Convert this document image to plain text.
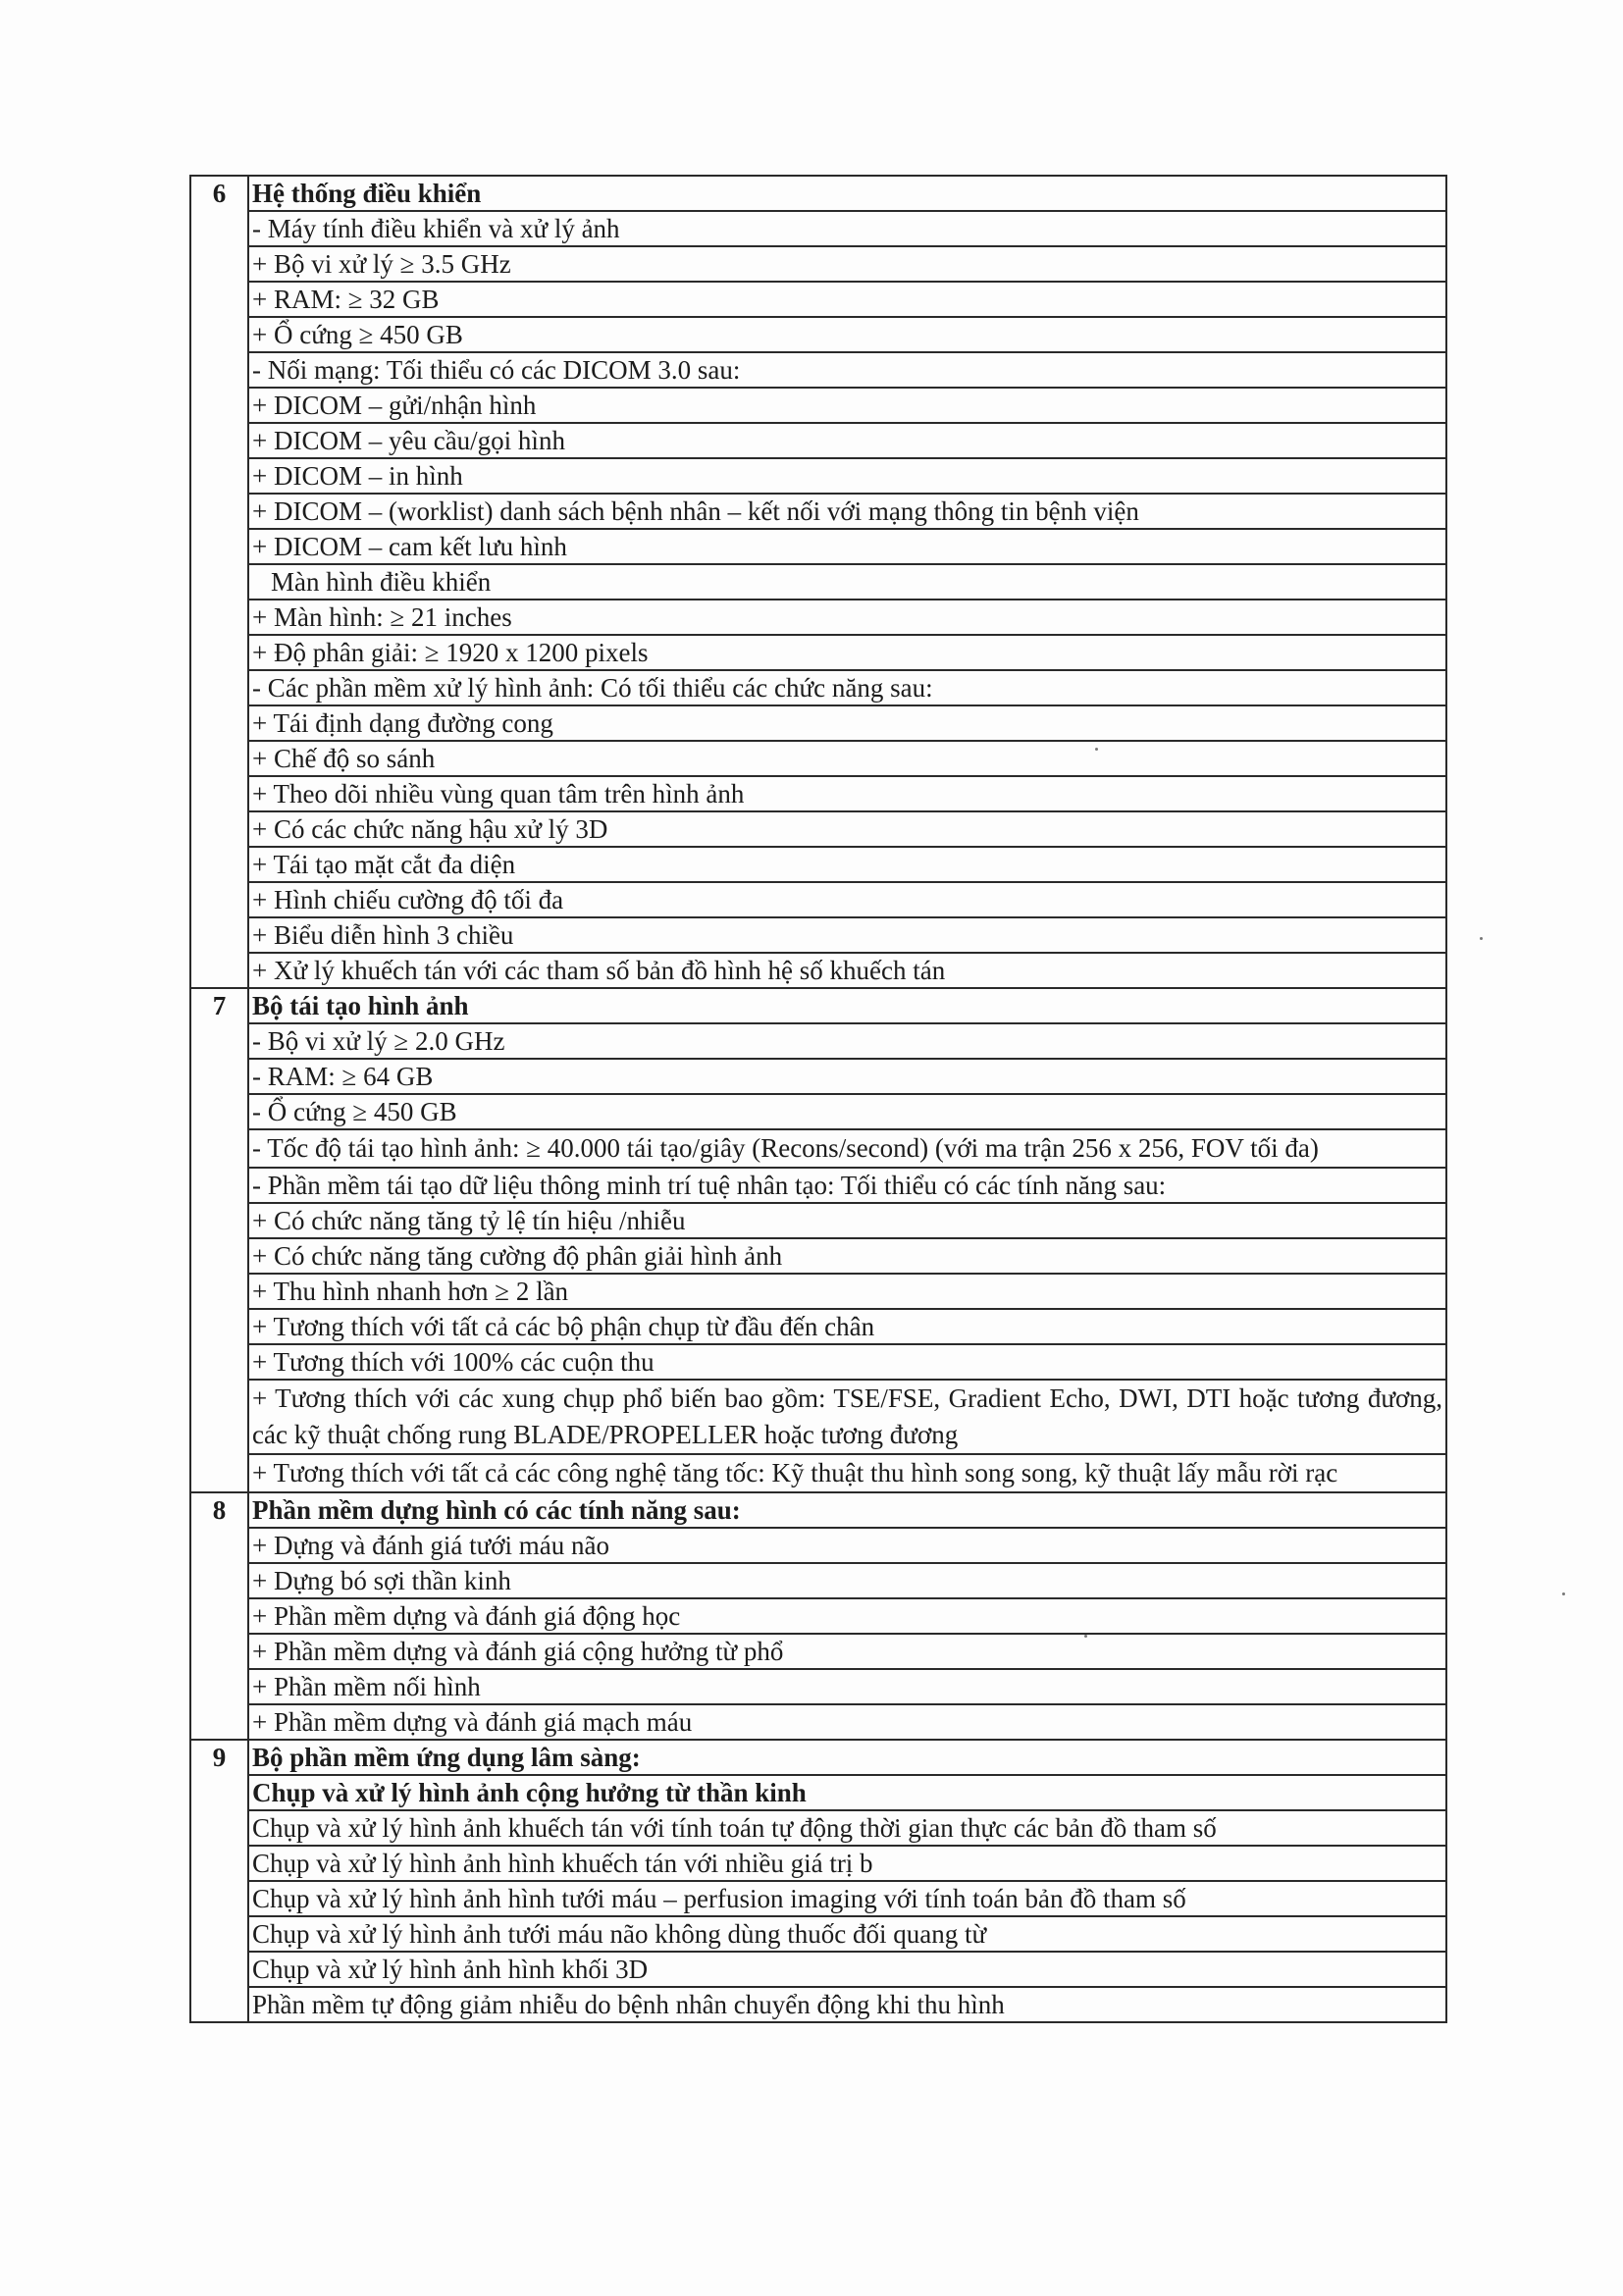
6	Hệ thống điều khiển
	- Máy tính điều khiển và xử lý ảnh
	+ Bộ vi xử lý ≥ 3.5 GHz
	+ RAM: ≥ 32 GB
	+ Ổ cứng ≥ 450 GB
	- Nối mạng: Tối thiểu có các DICOM 3.0 sau:
	+ DICOM – gửi/nhận hình
	+ DICOM – yêu cầu/gọi hình
	+ DICOM – in hình
	+ DICOM – (worklist) danh sách bệnh nhân – kết nối với mạng thông tin bệnh viện
	+ DICOM – cam kết lưu hình
	Màn hình điều khiển
	+ Màn hình: ≥ 21 inches
	+ Độ phân giải: ≥ 1920 x 1200 pixels
	- Các phần mềm xử lý hình ảnh: Có tối thiểu các chức năng sau:
	+ Tái định dạng đường cong
	+ Chế độ so sánh
	+ Theo dõi nhiều vùng quan tâm trên hình ảnh
	+ Có các chức năng hậu xử lý 3D
	+ Tái tạo mặt cắt đa diện
	+ Hình chiếu cường độ tối đa
	+ Biểu diễn hình 3 chiều
	+ Xử lý khuếch tán với các tham số bản đồ hình hệ số khuếch tán
7	Bộ tái tạo hình ảnh
	- Bộ vi xử lý ≥ 2.0 GHz
	- RAM: ≥ 64 GB
	- Ổ cứng ≥ 450 GB
	- Tốc độ tái tạo hình ảnh: ≥ 40.000 tái tạo/giây (Recons/second) (với ma trận 256 x 256, FOV tối đa)
	- Phần mềm tái tạo dữ liệu thông minh trí tuệ nhân tạo: Tối thiểu có các tính năng sau:
	+ Có chức năng tăng tỷ lệ tín hiệu /nhiễu
	+ Có chức năng tăng cường độ phân giải hình ảnh
	+ Thu hình nhanh hơn ≥ 2 lần
	+ Tương thích với tất cả các bộ phận chụp từ đầu đến chân
	+ Tương thích với 100% các cuộn thu
	+ Tương thích với các xung chụp phổ biến bao gồm: TSE/FSE, Gradient Echo, DWI, DTI hoặc tương đương, các kỹ thuật chống rung BLADE/PROPELLER hoặc tương đương
	+ Tương thích với tất cả các công nghệ tăng tốc: Kỹ thuật thu hình song song, kỹ thuật lấy mẫu rời rạc
8	Phần mềm dựng hình có các tính năng sau:
	+ Dựng và đánh giá tưới máu não
	+ Dựng bó sợi thần kinh
	+ Phần mềm dựng và đánh giá động học
	+ Phần mềm dựng và đánh giá cộng hưởng từ phổ
	+ Phần mềm nối hình
	+ Phần mềm dựng và đánh giá mạch máu
9	Bộ phần mềm ứng dụng lâm sàng:
	Chụp và xử lý hình ảnh cộng hưởng từ thần kinh
	Chụp và xử lý hình ảnh khuếch tán với tính toán tự động thời gian thực các bản đồ tham số
	Chụp và xử lý hình ảnh hình khuếch tán với nhiều giá trị b
	Chụp và xử lý hình ảnh hình tưới máu – perfusion imaging với tính toán bản đồ tham số
	Chụp và xử lý hình ảnh tưới máu não không dùng thuốc đối quang từ
	Chụp và xử lý hình ảnh hình khối 3D
	Phần mềm tự động giảm nhiễu do bệnh nhân chuyển động khi thu hình
